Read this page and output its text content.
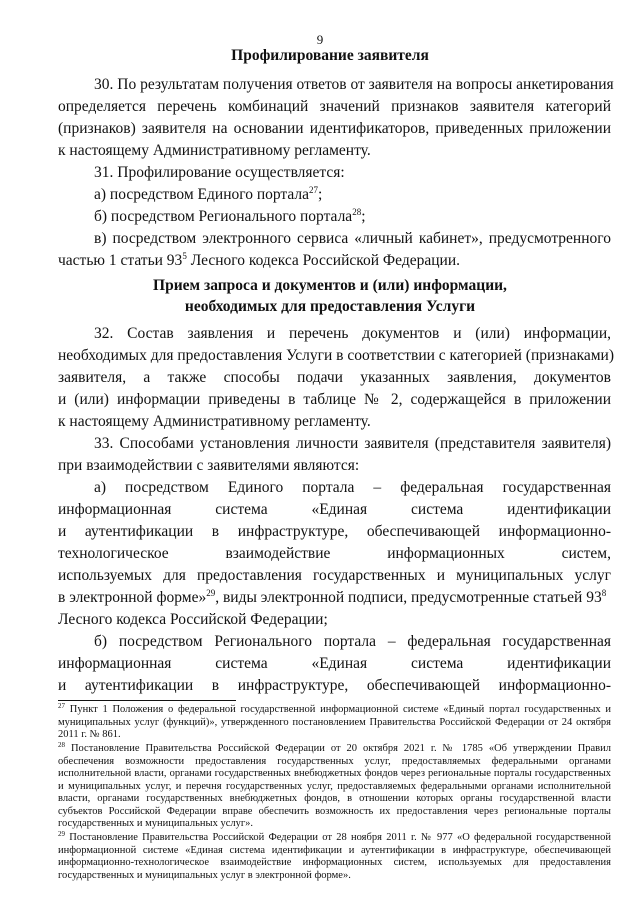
9
Профилирование заявителя
30. По результатам получения ответов от заявителя на вопросы анкетирования
определяется перечень комбинаций значений признаков заявителя категорий
(признаков) заявителя на основании идентификаторов, приведенных приложении
к настоящему Административному регламенту.
31. Профилирование осуществляется:
а) посредством Единого портала$^{27}$;
б) посредством Регионального портала$^{28}$;
в) посредством электронного сервиса «личный кабинет», предусмотренного
частью 1 статьи $93^5$ Лесного кодекса Российской Федерации.
Прием запроса и документов и (или) информации,
необходимых для предоставления Услуги
32. Состав заявления и перечень документов и (или) информации,
необходимых для предоставления Услуги в соответствии с категорией (признаками)
заявителя, а также способы подачи указанных заявления, документов
и (или) информации приведены в таблице № 2, содержащейся в приложении
к настоящему Административному регламенту.
33. Способами установления личности заявителя (представителя заявителя)
при взаимодействии с заявителями являются:
а) посредством Единого портала – федеральная государственная
информационная система «Единая система идентификации
и аутентификации в инфраструктуре, обеспечивающей информационно-
технологическое взаимодействие информационных систем,
используемых для предоставления государственных и муниципальных услуг
в электронной форме»$^{29}$, виды электронной подписи, предусмотренные статьей $93^8$
Лесного кодекса Российской Федерации;
б) посредством Регионального портала – федеральная государственная
информационная система «Единая система идентификации
и аутентификации в инфраструктуре, обеспечивающей информационно-
$^{27}$ Пункт 1 Положения о федеральной государственной информационной системе «Единый портал государственных и муниципальных услуг (функций)», утвержденного постановлением Правительства Российской Федерации от 24 октября 2011 г. № 861.
$^{28}$ Постановление Правительства Российской Федерации от 20 октября 2021 г. № 1785 «Об утверждении Правил обеспечения возможности предоставления государственных услуг, предоставляемых федеральными органами исполнительной власти, органами государственных внебюджетных фондов через региональные порталы государственных и муниципальных услуг, и перечня государственных услуг, предоставляемых федеральными органами исполнительной власти, органами государственных внебюджетных фондов, в отношении которых органы государственной власти субъектов Российской Федерации вправе обеспечить возможность их предоставления через региональные порталы государственных и муниципальных услуг».
$^{29}$ Постановление Правительства Российской Федерации от 28 ноября 2011 г. № 977 «О федеральной государственной информационной системе «Единая система идентификации и аутентификации в инфраструктуре, обеспечивающей информационно-технологическое взаимодействие информационных систем, используемых для предоставления государственных и муниципальных услуг в электронной форме».
